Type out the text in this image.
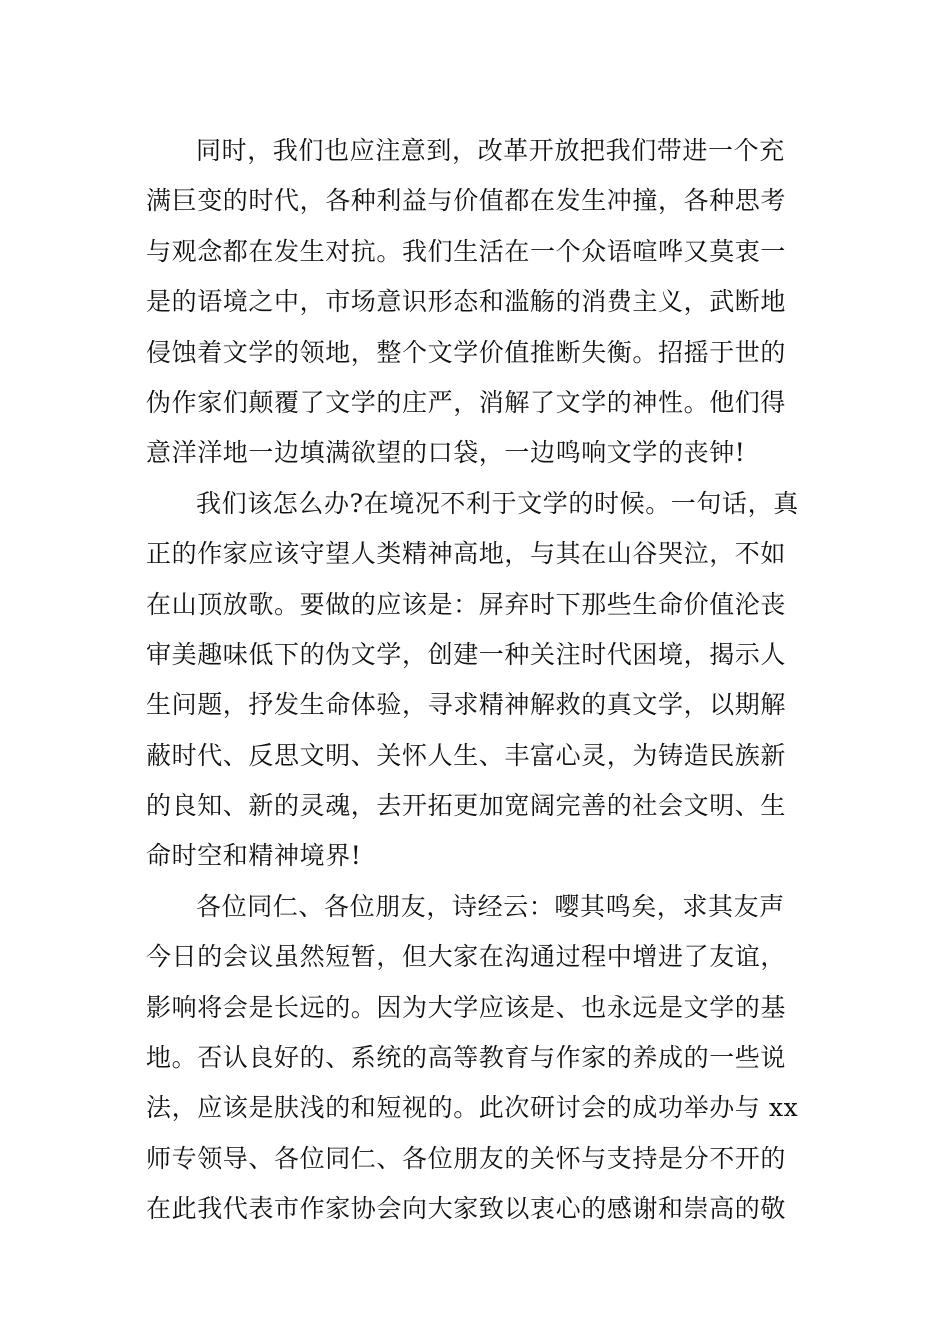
同时，我们也应注意到，改革开放把我们带进一个充
满巨变的时代，各种利益与价值都在发生冲撞，各种思考
与观念都在发生对抗。我们生活在一个众语喧哗又莫衷一
是的语境之中，市场意识形态和滥觞的消费主义，武断地
侵蚀着文学的领地，整个文学价值推断失衡。招摇于世的
伪作家们颠覆了文学的庄严，消解了文学的神性。他们得
意洋洋地一边填满欲望的口袋，一边鸣响文学的丧钟!
我们该怎么办?在境况不利于文学的时候。一句话，真
正的作家应该守望人类精神高地，与其在山谷哭泣，不如
在山顶放歌。要做的应该是：屏弃时下那些生命价值沦丧
审美趣味低下的伪文学，创建一种关注时代困境，揭示人
生问题，抒发生命体验，寻求精神解救的真文学，以期解
蔽时代、反思文明、关怀人生、丰富心灵，为铸造民族新
的良知、新的灵魂，去开拓更加宽阔完善的社会文明、生
命时空和精神境界!
各位同仁、各位朋友，诗经云：嘤其鸣矣，求其友声
今日的会议虽然短暂，但大家在沟通过程中增进了友谊，
影响将会是长远的。因为大学应该是、也永远是文学的基
地。否认良好的、系统的高等教育与作家的养成的一些说
法，应该是肤浅的和短视的。此次研讨会的成功举办与 xx
师专领导、各位同仁、各位朋友的关怀与支持是分不开的
在此我代表市作家协会向大家致以衷心的感谢和崇高的敬
